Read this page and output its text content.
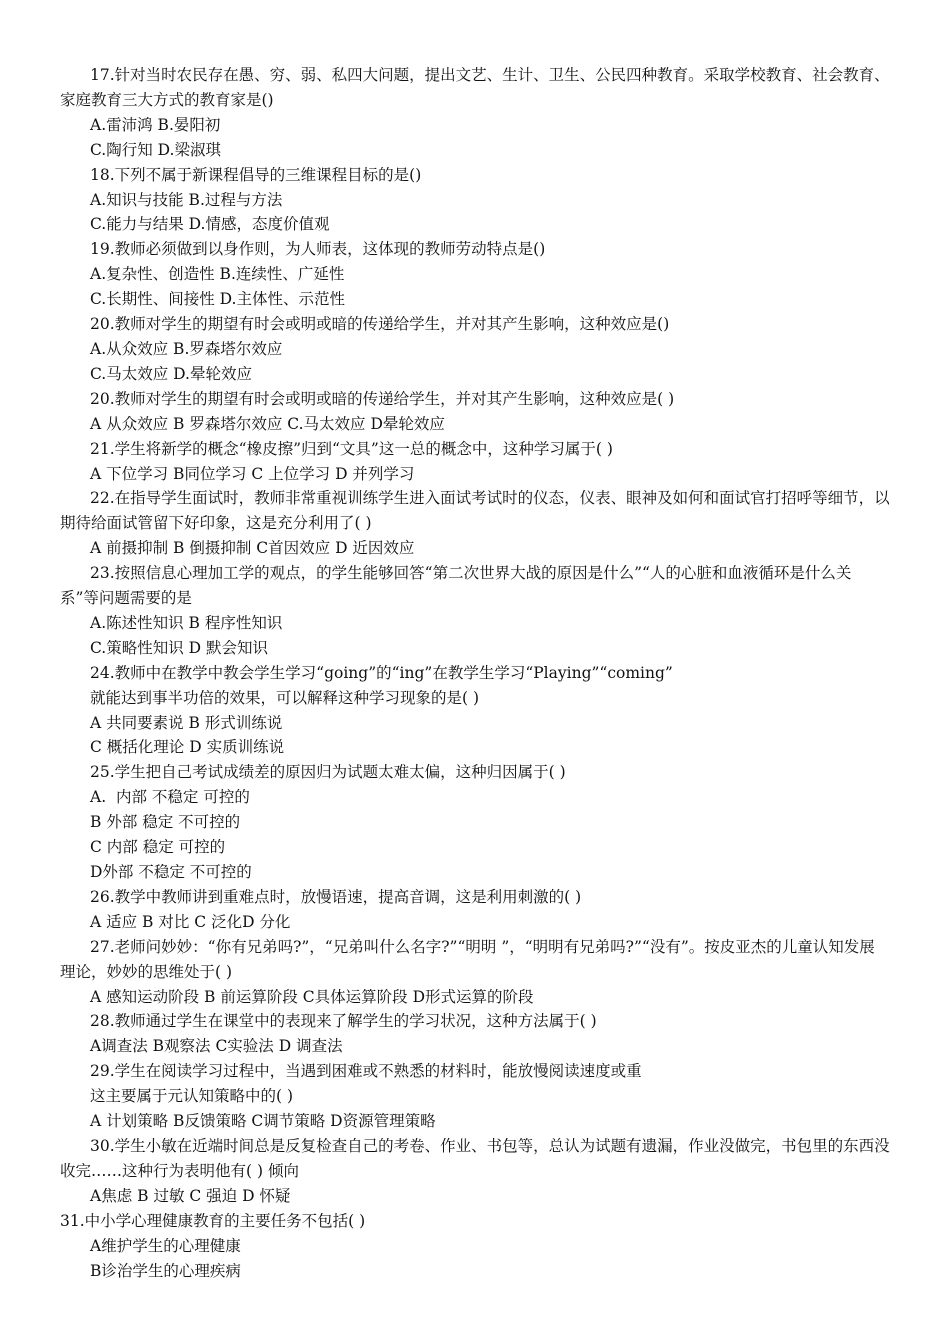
17.针对当时农民存在愚、穷、弱、私四大问题，提出文艺、生计、卫生、公民四种教育。采取学校教育、社会教育、家庭教育三大方式的教育家是()

A.雷沛鸿 B.晏阳初

C.陶行知 D.梁淑琪

18.下列不属于新课程倡导的三维课程目标的是()

A.知识与技能 B.过程与方法

C.能力与结果 D.情感，态度价值观

19.教师必须做到以身作则，为人师表，这体现的教师劳动特点是()

A.复杂性、创造性 B.连续性、广延性

C.长期性、间接性 D.主体性、示范性

20.教师对学生的期望有时会或明或暗的传递给学生，并对其产生影响，这种效应是()

A.从众效应 B.罗森塔尔效应

C.马太效应 D.晕轮效应

20.教师对学生的期望有时会或明或暗的传递给学生，并对其产生影响，这种效应是( )

A 从众效应 B 罗森塔尔效应 C.马太效应 D晕轮效应

21.学生将新学的概念“橡皮擦”归到“文具”这一总的概念中，这种学习属于( )

A 下位学习 B同位学习 C 上位学习 D 并列学习

22.在指导学生面试时，教师非常重视训练学生进入面试考试时的仪态，仪表、眼神及如何和面试官打招呼等细节，以期待给面试管留下好印象，这是充分利用了( )

A 前摄抑制 B 倒摄抑制 C首因效应 D 近因效应

23.按照信息心理加工学的观点，的学生能够回答“第二次世界大战的原因是什么”“人的心脏和血液循环是什么关系”等问题需要的是

A.陈述性知识 B 程序性知识

C.策略性知识 D 默会知识

24.教师中在教学中教会学生学习“going”的“ing”在教学生学习“Playing”“coming”

就能达到事半功倍的效果，可以解释这种学习现象的是( )

A 共同要素说 B 形式训练说

C 概括化理论 D 实质训练说

25.学生把自己考试成绩差的原因归为试题太难太偏，这种归因属于( )

A.  内部 不稳定 可控的

B 外部 稳定 不可控的

C 内部 稳定 可控的

D外部 不稳定 不可控的

26.教学中教师讲到重难点时，放慢语速，提高音调，这是利用刺激的( )

A 适应 B 对比 C 泛化D 分化

27.老师问妙妙：“你有兄弟吗?”，“兄弟叫什么名字?”“明明 ”，“明明有兄弟吗?”“没有”。按皮亚杰的儿童认知发展理论，妙妙的思维处于( )

A 感知运动阶段 B 前运算阶段 C具体运算阶段 D形式运算的阶段

28.教师通过学生在课堂中的表现来了解学生的学习状况，这种方法属于( )

A调查法 B观察法 C实验法 D 调查法

29.学生在阅读学习过程中，当遇到困难或不熟悉的材料时，能放慢阅读速度或重

这主要属于元认知策略中的( )

A 计划策略 B反馈策略 C调节策略 D资源管理策略

30.学生小敏在近端时间总是反复检查自己的考卷、作业、书包等，总认为试题有遗漏，作业没做完，书包里的东西没收完……这种行为表明他有( ) 倾向

A焦虑 B 过敏 C 强迫 D 怀疑

31.中小学心理健康教育的主要任务不包括( )

A维护学生的心理健康

B诊治学生的心理疾病
